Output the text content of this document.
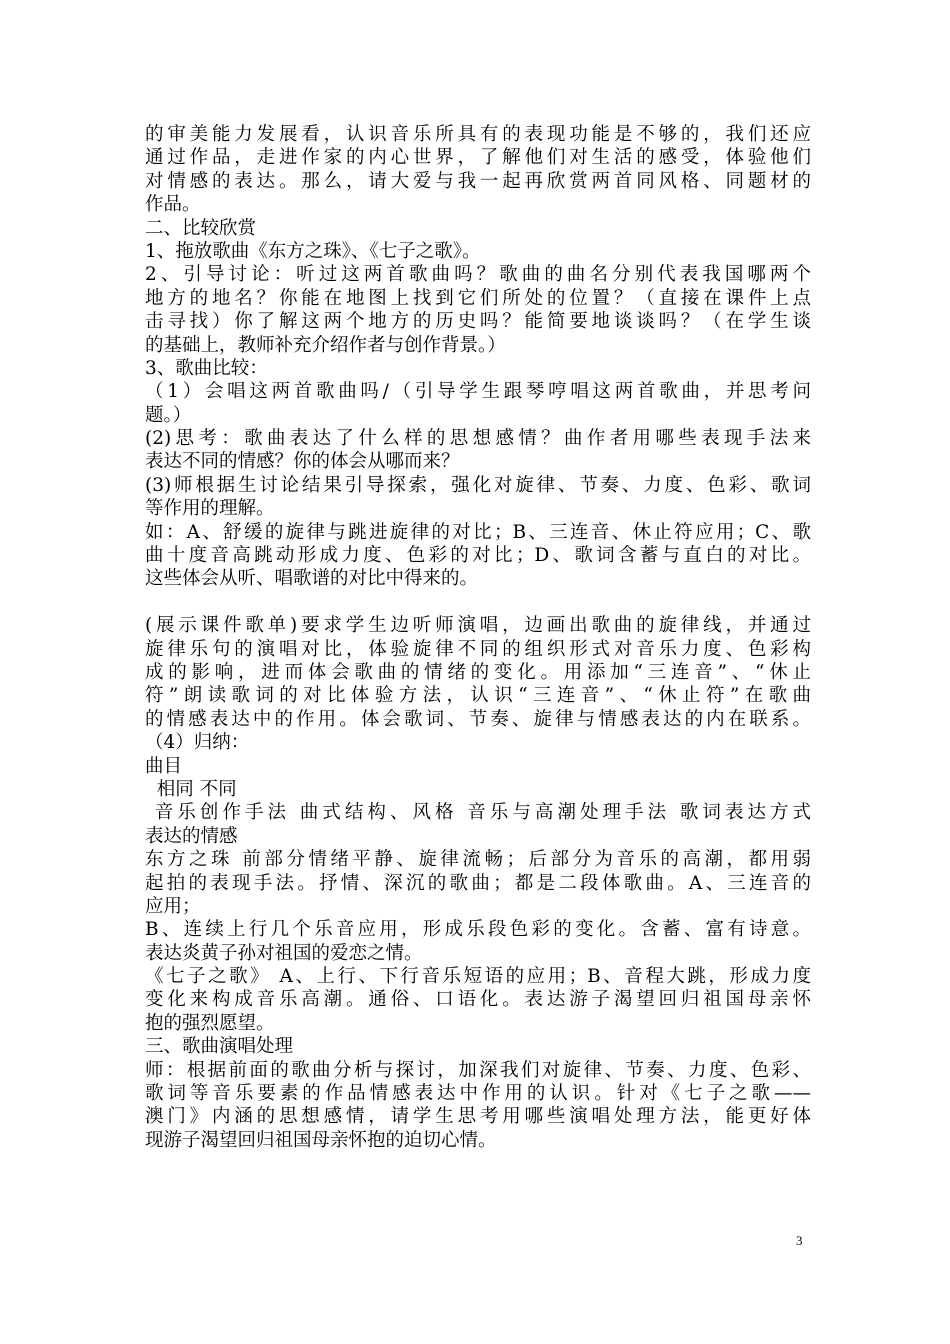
的审美能力发展看，认识音乐所具有的表现功能是不够的，我们还应
通过作品，走进作家的内心世界，了解他们对生活的感受，体验他们
对情感的表达。那么，请大爱与我一起再欣赏两首同风格、同题材的
作品。
二、比较欣赏
1、拖放歌曲《东方之珠》、《七子之歌》。
2、引导讨论：听过这两首歌曲吗？歌曲的曲名分别代表我国哪两个
地方的地名？你能在地图上找到它们所处的位置？（直接在课件上点
击寻找）你了解这两个地方的历史吗？能简要地谈谈吗？（在学生谈
的基础上，教师补充介绍作者与创作背景。）
3、歌曲比较：
（1）会唱这两首歌曲吗/（引导学生跟琴哼唱这两首歌曲，并思考问
题。）
(2)思考：歌曲表达了什么样的思想感情？曲作者用哪些表现手法来
表达不同的情感？你的体会从哪而来？
(3)师根据生讨论结果引导探索，强化对旋律、节奏、力度、色彩、歌词
等作用的理解。
如：A、舒缓的旋律与跳进旋律的对比；B、三连音、休止符应用；C、歌
曲十度音高跳动形成力度、色彩的对比；D、歌词含蓄与直白的对比。
这些体会从听、唱歌谱的对比中得来的。
(展示课件歌单)要求学生边听师演唱，边画出歌曲的旋律线，并通过
旋律乐句的演唱对比，体验旋律不同的组织形式对音乐力度、色彩构
成的影响，进而体会歌曲的情绪的变化。用添加“三连音”、“休止
符”朗读歌词的对比体验方法，认识“三连音”、“休止符”在歌曲
的情感表达中的作用。体会歌词、节奏、旋律与情感表达的内在联系。
（4）归纳：
曲目
相同 不同
音乐创作手法 曲式结构、风格 音乐与高潮处理手法 歌词表达方式
表达的情感
东方之珠 前部分情绪平静、旋律流畅；后部分为音乐的高潮，都用弱
起拍的表现手法。抒情、深沉的歌曲；都是二段体歌曲。A、三连音的
应用；
B、连续上行几个乐音应用，形成乐段色彩的变化。含蓄、富有诗意。
表达炎黄子孙对祖国的爱恋之情。
《七子之歌》 A、上行、下行音乐短语的应用；B、音程大跳，形成力度
变化来构成音乐高潮。通俗、口语化。表达游子渴望回归祖国母亲怀
抱的强烈愿望。
三、歌曲演唱处理
师：根据前面的歌曲分析与探讨，加深我们对旋律、节奏、力度、色彩、
歌词等音乐要素的作品情感表达中作用的认识。针对《七子之歌——
澳门》内涵的思想感情，请学生思考用哪些演唱处理方法，能更好体
现游子渴望回归祖国母亲怀抱的迫切心情。
3
